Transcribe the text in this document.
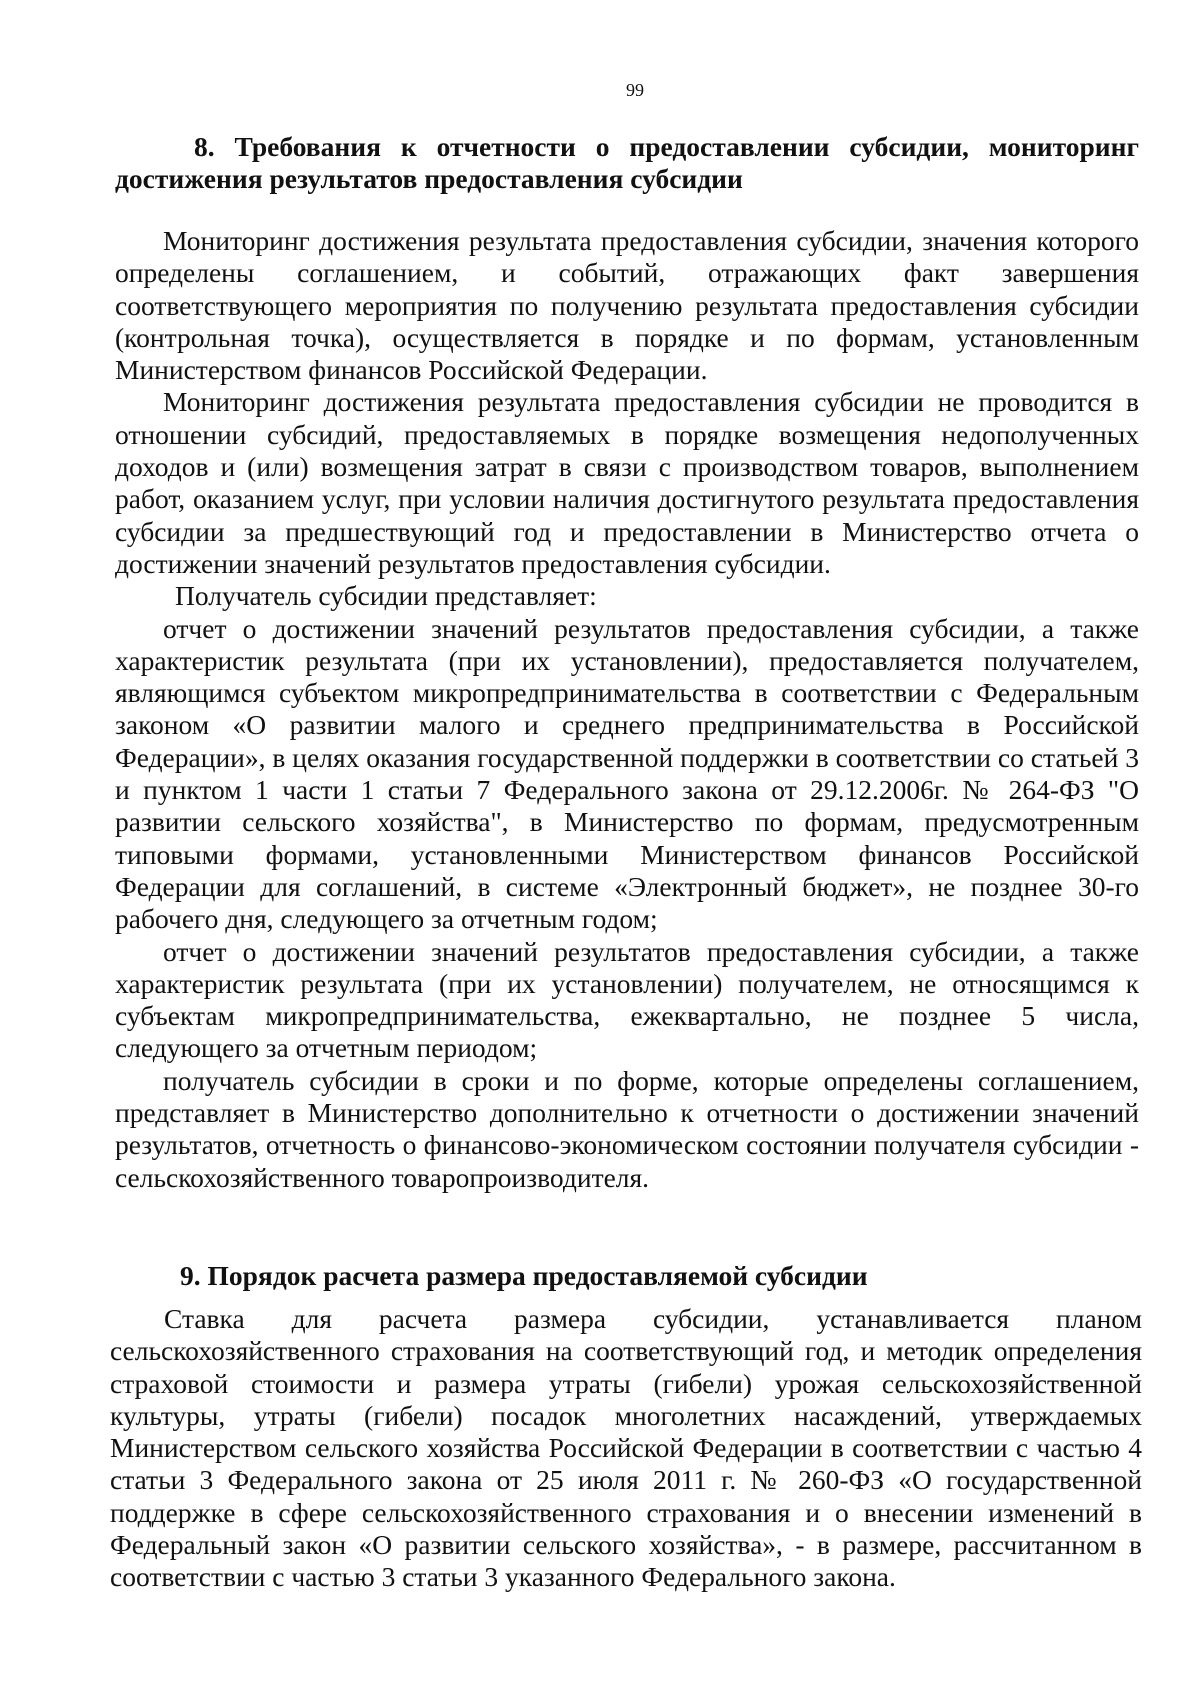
99
8. Требования к отчетности о предоставлении субсидии, мониторинг достижения результатов предоставления субсидии

Мониторинг достижения результата предоставления субсидии, значения которого определены соглашением, и событий, отражающих факт завершения соответствующего мероприятия по получению результата предоставления субсидии (контрольная точка), осуществляется в порядке и по формам, установленным Министерством финансов Российской Федерации.

Мониторинг достижения результата предоставления субсидии не проводится в отношении субсидий, предоставляемых в порядке возмещения недополученных доходов и (или) возмещения затрат в связи с производством товаров, выполнением работ, оказанием услуг, при условии наличия достигнутого результата предоставления субсидии за предшествующий год и предоставлении в Министерство отчета о достижении значений результатов предоставления субсидии.

Получатель субсидии представляет:

отчет о достижении значений результатов предоставления субсидии, а также характеристик результата (при их установлении), предоставляется получателем, являющимся субъектом микропредпринимательства в соответствии с Федеральным законом «О развитии малого и среднего предпринимательства в Российской Федерации», в целях оказания государственной поддержки в соответствии со статьей 3 и пунктом 1 части 1 статьи 7 Федерального закона от 29.12.2006г. № 264-ФЗ "О развитии сельского хозяйства", в Министерство по формам, предусмотренным типовыми формами, установленными Министерством финансов Российской Федерации для соглашений, в системе «Электронный бюджет», не позднее 30-го рабочего дня, следующего за отчетным годом;

отчет о достижении значений результатов предоставления субсидии, а также характеристик результата (при их установлении) получателем, не относящимся к субъектам микропредпринимательства, ежеквартально, не позднее 5 числа, следующего за отчетным периодом;

получатель субсидии в сроки и по форме, которые определены соглашением, представляет в Министерство дополнительно к отчетности о достижении значений результатов, отчетность о финансово-экономическом состоянии получателя субсидии - сельскохозяйственного товаропроизводителя.

9. Порядок расчета размера предоставляемой субсидии

Ставка для расчета размера субсидии, устанавливается планом сельскохозяйственного страхования на соответствующий год, и методик определения страховой стоимости и размера утраты (гибели) урожая сельскохозяйственной культуры, утраты (гибели) посадок многолетних насаждений, утверждаемых Министерством сельского хозяйства Российской Федерации в соответствии с частью 4 статьи 3 Федерального закона от 25 июля 2011 г. № 260-ФЗ «О государственной поддержке в сфере сельскохозяйственного страхования и о внесении изменений в Федеральный закон «О развитии сельского хозяйства», - в размере, рассчитанном в соответствии с частью 3 статьи 3 указанного Федерального закона.
